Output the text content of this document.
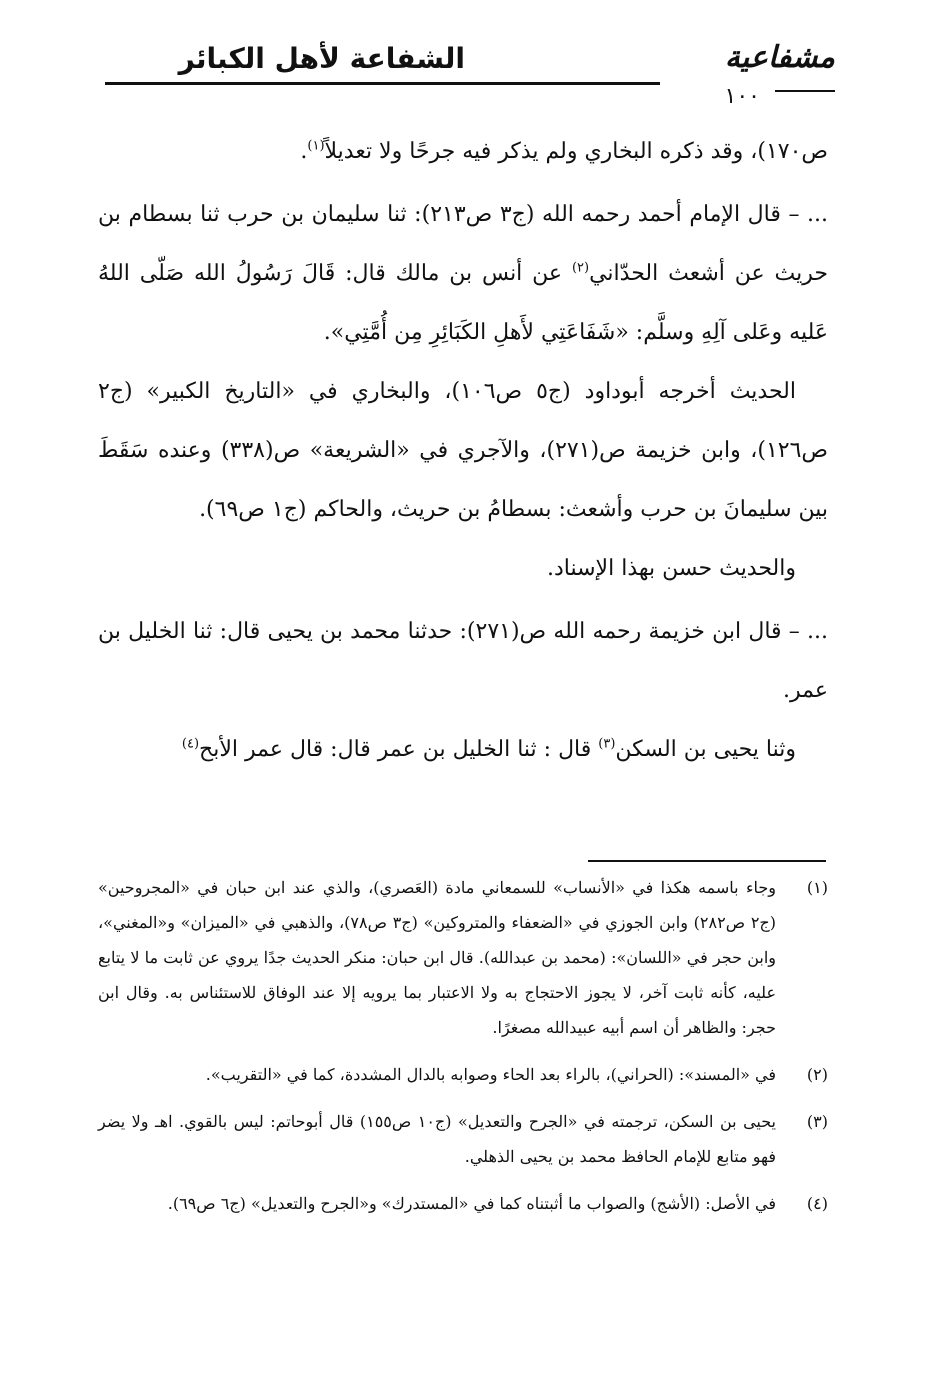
مشفاعية
الشفاعة لأهل الكبائر
١٠٠

ص١٧٠)، وقد ذكره البخاري ولم يذكر فيه جرحًا ولا تعديلاً$^{(١)}$.

... – قال الإمام أحمد رحمه الله (ج٣ ص٢١٣): ثنا سليمان بن حرب ثنا بسطام بن حريث عن أشعث الحدّاني$^{(٢)}$ عن أنس بن مالك قال: قَالَ رَسُولُ الله صَلّى اللهُ عَليه وعَلى آلِهِ وسلَّم: «شَفَاعَتِي لأَهلِ الكَبَائِرِ مِن أُمَّتِي».

الحديث أخرجه أبوداود (ج٥ ص١٠٦)، والبخاري في «التاريخ الكبير» (ج٢ ص١٢٦)، وابن خزيمة ص(٢٧١)، والآجري في «الشريعة» ص(٣٣٨) وعنده سَقَطَ بين سليمانَ بن حرب وأشعث: بسطامُ بن حريث، والحاكم (ج١ ص٦٩).

والحديث حسن بهذا الإسناد.

... – قال ابن خزيمة رحمه الله ص(٢٧١): حدثنا محمد بن يحيى قال: ثنا الخليل بن عمر.

وثنا يحيى بن السكن$^{(٣)}$ قال : ثنا الخليل بن عمر قال: قال عمر الأبح$^{(٤)}$

(١)
وجاء باسمه هكذا في «الأنساب» للسمعاني مادة (العَصري)، والذي عند ابن حبان في «المجروحين» (ج٢ ص٢٨٢) وابن الجوزي في «الضعفاء والمتروكين» (ج٣ ص٧٨)، والذهبي في «الميزان» و«المغني»، وابن حجر في «اللسان»: (محمد بن عبدالله). قال ابن حبان: منكر الحديث جدًا يروي عن ثابت ما لا يتابع عليه، كأنه ثابت آخر، لا يجوز الاحتجاج به ولا الاعتبار بما يرويه إلا عند الوفاق للاستئناس به. وقال ابن حجر: والظاهر أن اسم أبيه عبيدالله مصغرًا.
(٢)
في «المسند»: (الحراني)، بالراء بعد الحاء وصوابه بالدال المشددة، كما في «التقريب».
(٣)
يحيى بن السكن، ترجمته في «الجرح والتعديل» (ج١٠ ص١٥٥) قال أبوحاتم: ليس بالقوي. اهـ ولا يضر فهو متابع للإمام الحافظ محمد بن يحيى الذهلي.
(٤)
في الأصل: (الأشج) والصواب ما أثبتناه كما في «المستدرك» و«الجرح والتعديل» (ج٦ ص٦٩).
